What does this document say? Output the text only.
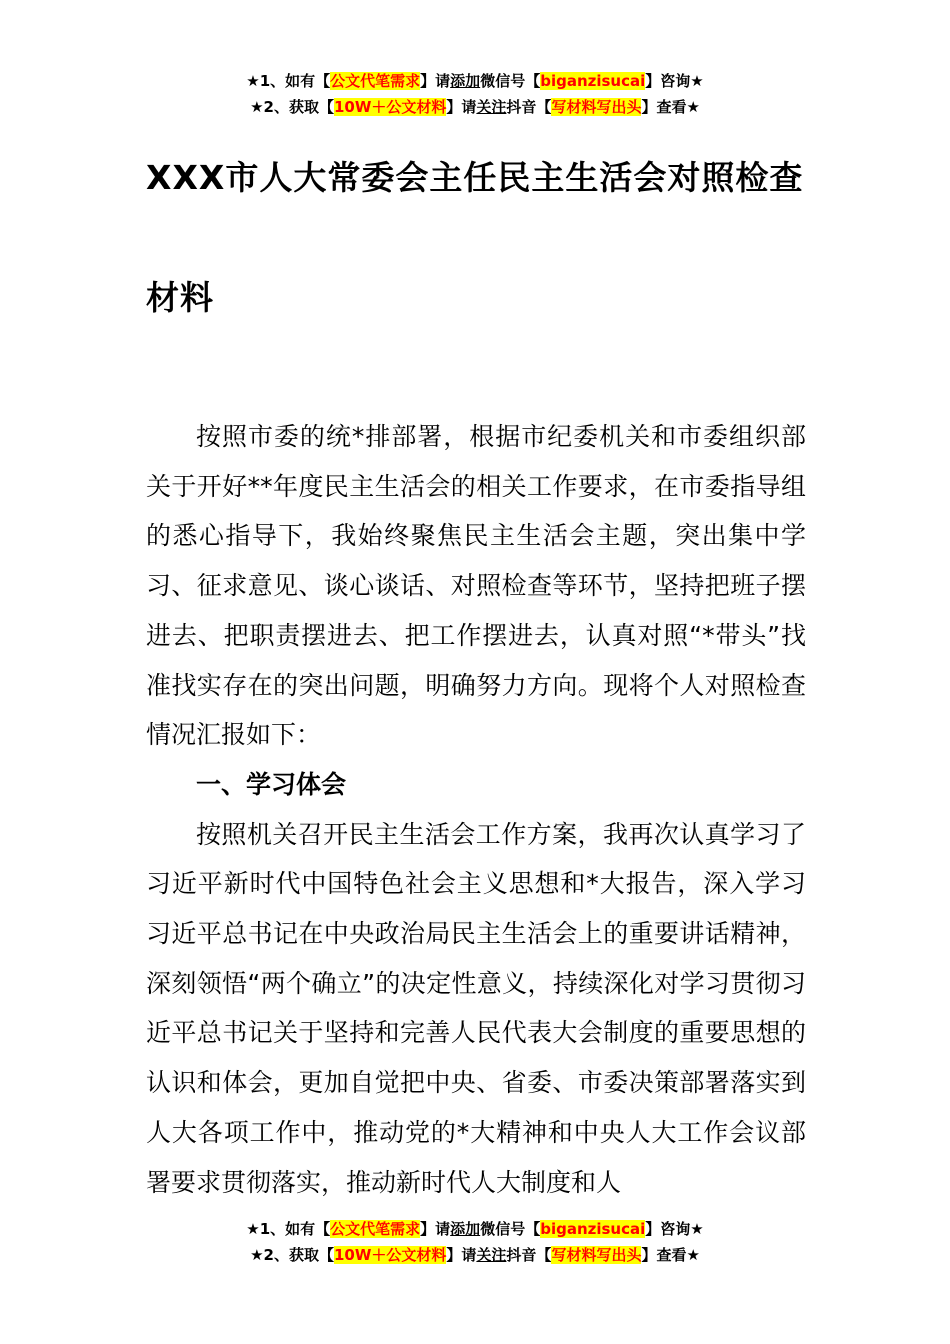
★1、如有【公文代笔需求】请添加微信号【biganzisucai】咨询★
★2、获取【10W＋公文材料】请关注抖音【写材料写出头】查看★
XXX市人大常委会主任民主生活会对照检查
材料

按照市委的统*排部署，根据市纪委机关和市委组织部关于开好**年度民主生活会的相关工作要求，在市委指导组的悉心指导下，我始终聚焦民主生活会主题，突出集中学习、征求意见、谈心谈话、对照检查等环节，坚持把班子摆进去、把职责摆进去、把工作摆进去，认真对照“*带头”找准找实存在的突出问题，明确努力方向。现将个人对照检查情况汇报如下：

一、学习体会

按照机关召开民主生活会工作方案，我再次认真学习了习近平新时代中国特色社会主义思想和*大报告，深入学习习近平总书记在中央政治局民主生活会上的重要讲话精神，深刻领悟“两个确立”的决定性意义，持续深化对学习贯彻习近平总书记关于坚持和完善人民代表大会制度的重要思想的认识和体会，更加自觉把中央、省委、市委决策部署落实到人大各项工作中，推动党的*大精神和中央人大工作会议部署要求贯彻落实，推动新时代人大制度和人

★1、如有【公文代笔需求】请添加微信号【biganzisucai】咨询★
★2、获取【10W＋公文材料】请关注抖音【写材料写出头】查看★
